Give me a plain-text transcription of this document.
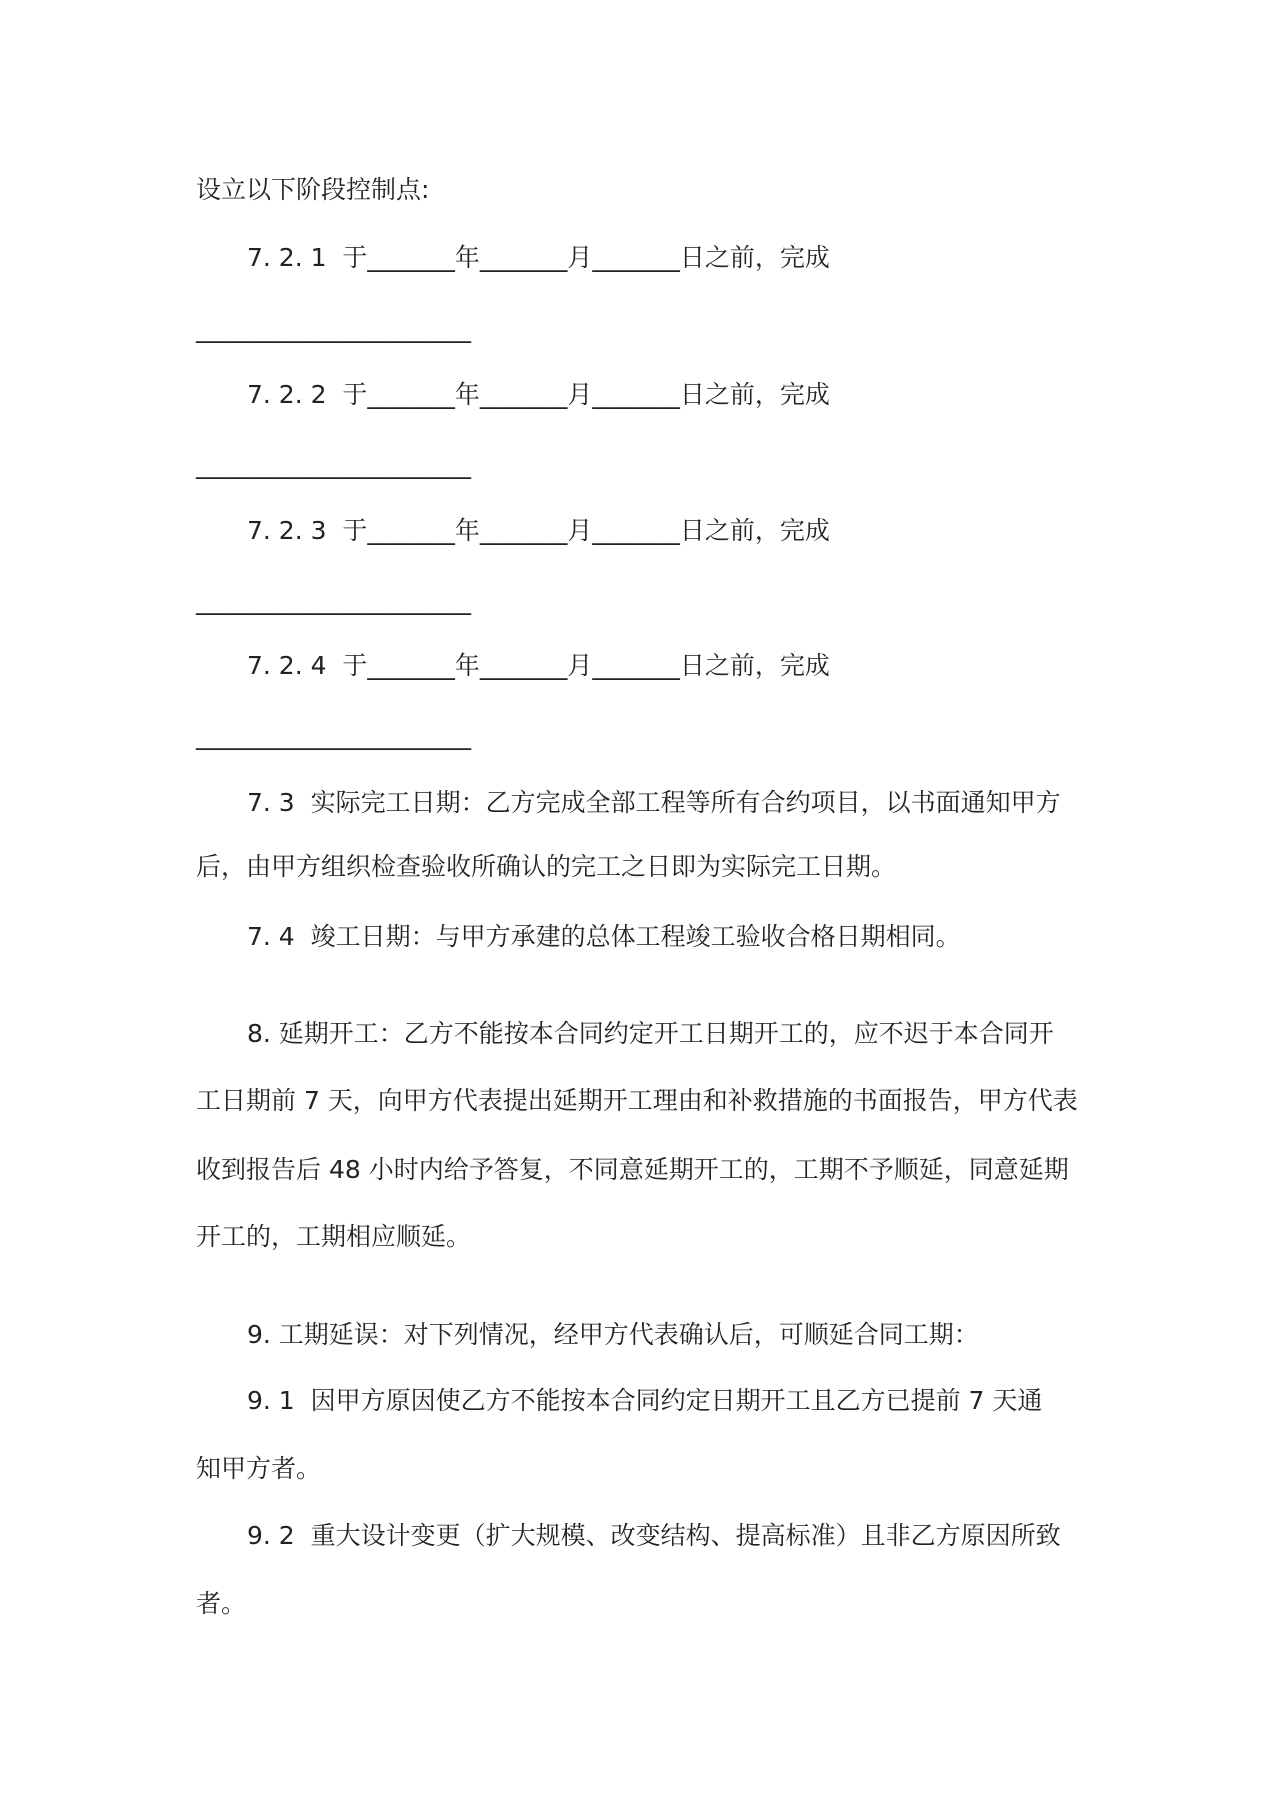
设立以下阶段控制点:
7. 2. 1  于_______年_______月_______日之前，完成
______________________
7. 2. 2  于_______年_______月_______日之前，完成
______________________
7. 2. 3  于_______年_______月_______日之前，完成
______________________
7. 2. 4  于_______年_______月_______日之前，完成
______________________
7. 3  实际完工日期：乙方完成全部工程等所有合约项目，以书面通知甲方
后，由甲方组织检查验收所确认的完工之日即为实际完工日期。
7. 4  竣工日期：与甲方承建的总体工程竣工验收合格日期相同。
8. 延期开工：乙方不能按本合同约定开工日期开工的，应不迟于本合同开
工日期前 7 天，向甲方代表提出延期开工理由和补救措施的书面报告，甲方代表
收到报告后 48 小时内给予答复，不同意延期开工的，工期不予顺延，同意延期
开工的，工期相应顺延。
9. 工期延误：对下列情况，经甲方代表确认后，可顺延合同工期：
9. 1  因甲方原因使乙方不能按本合同约定日期开工且乙方已提前 7 天通
知甲方者。
9. 2  重大设计变更（扩大规模、改变结构、提高标准）且非乙方原因所致
者。
